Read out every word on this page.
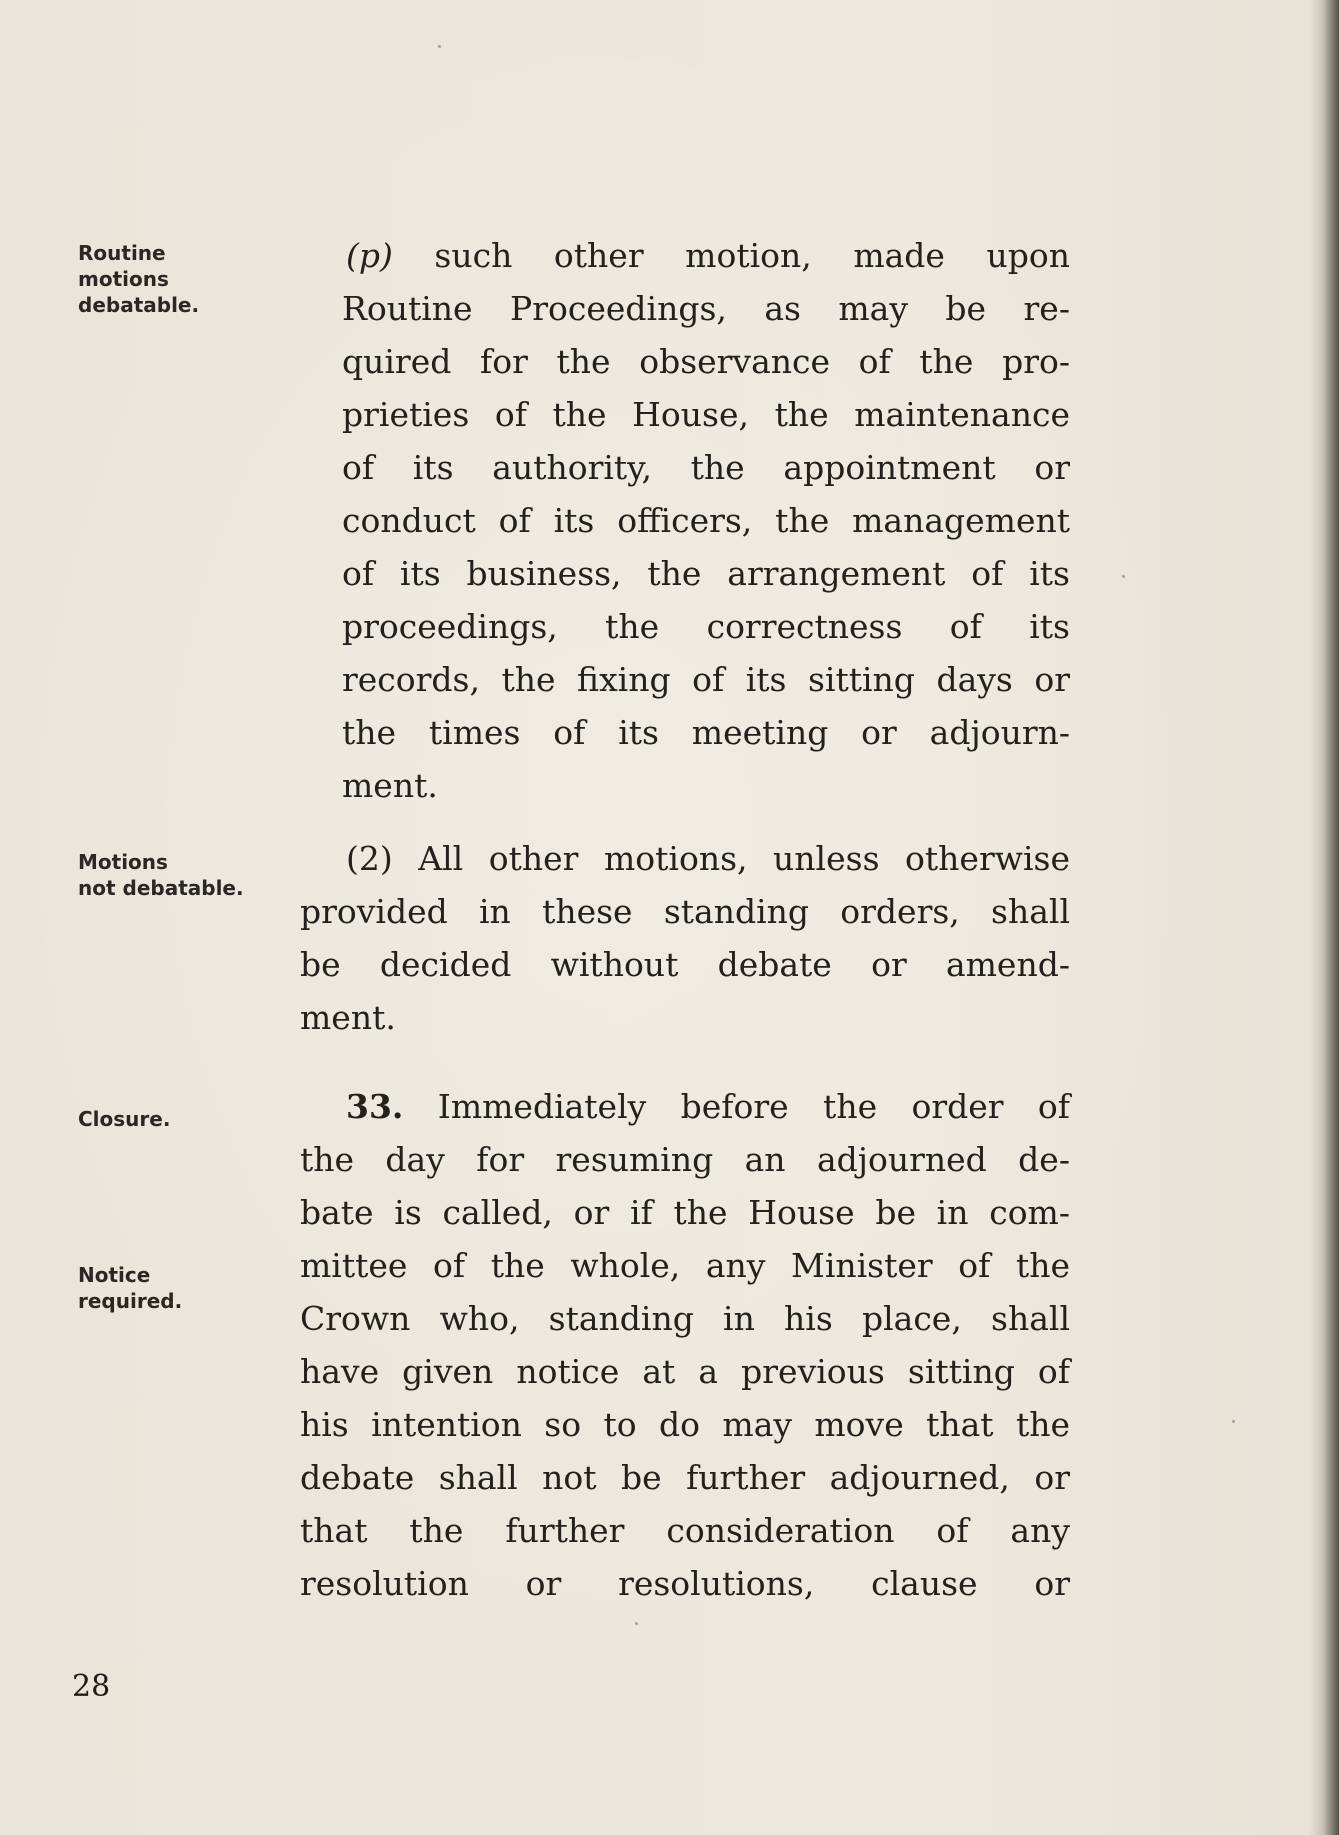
Routine
motions
debatable.
Motions
not debatable.
Closure.
Notice
required.
(p) such other motion, made upon
Routine Proceedings, as may be re-
quired for the observance of the pro-
prieties of the House, the maintenance
of its authority, the appointment or
conduct of its officers, the management
of its business, the arrangement of its
proceedings, the correctness of its
records, the fixing of its sitting days or
the times of its meeting or adjourn-
ment.
(2) All other motions, unless otherwise
provided in these standing orders, shall
be decided without debate or amend-
ment.
33. Immediately before the order of
the day for resuming an adjourned de-
bate is called, or if the House be in com-
mittee of the whole, any Minister of the
Crown who, standing in his place, shall
have given notice at a previous sitting of
his intention so to do may move that the
debate shall not be further adjourned, or
that the further consideration of any
resolution or resolutions, clause or
28
